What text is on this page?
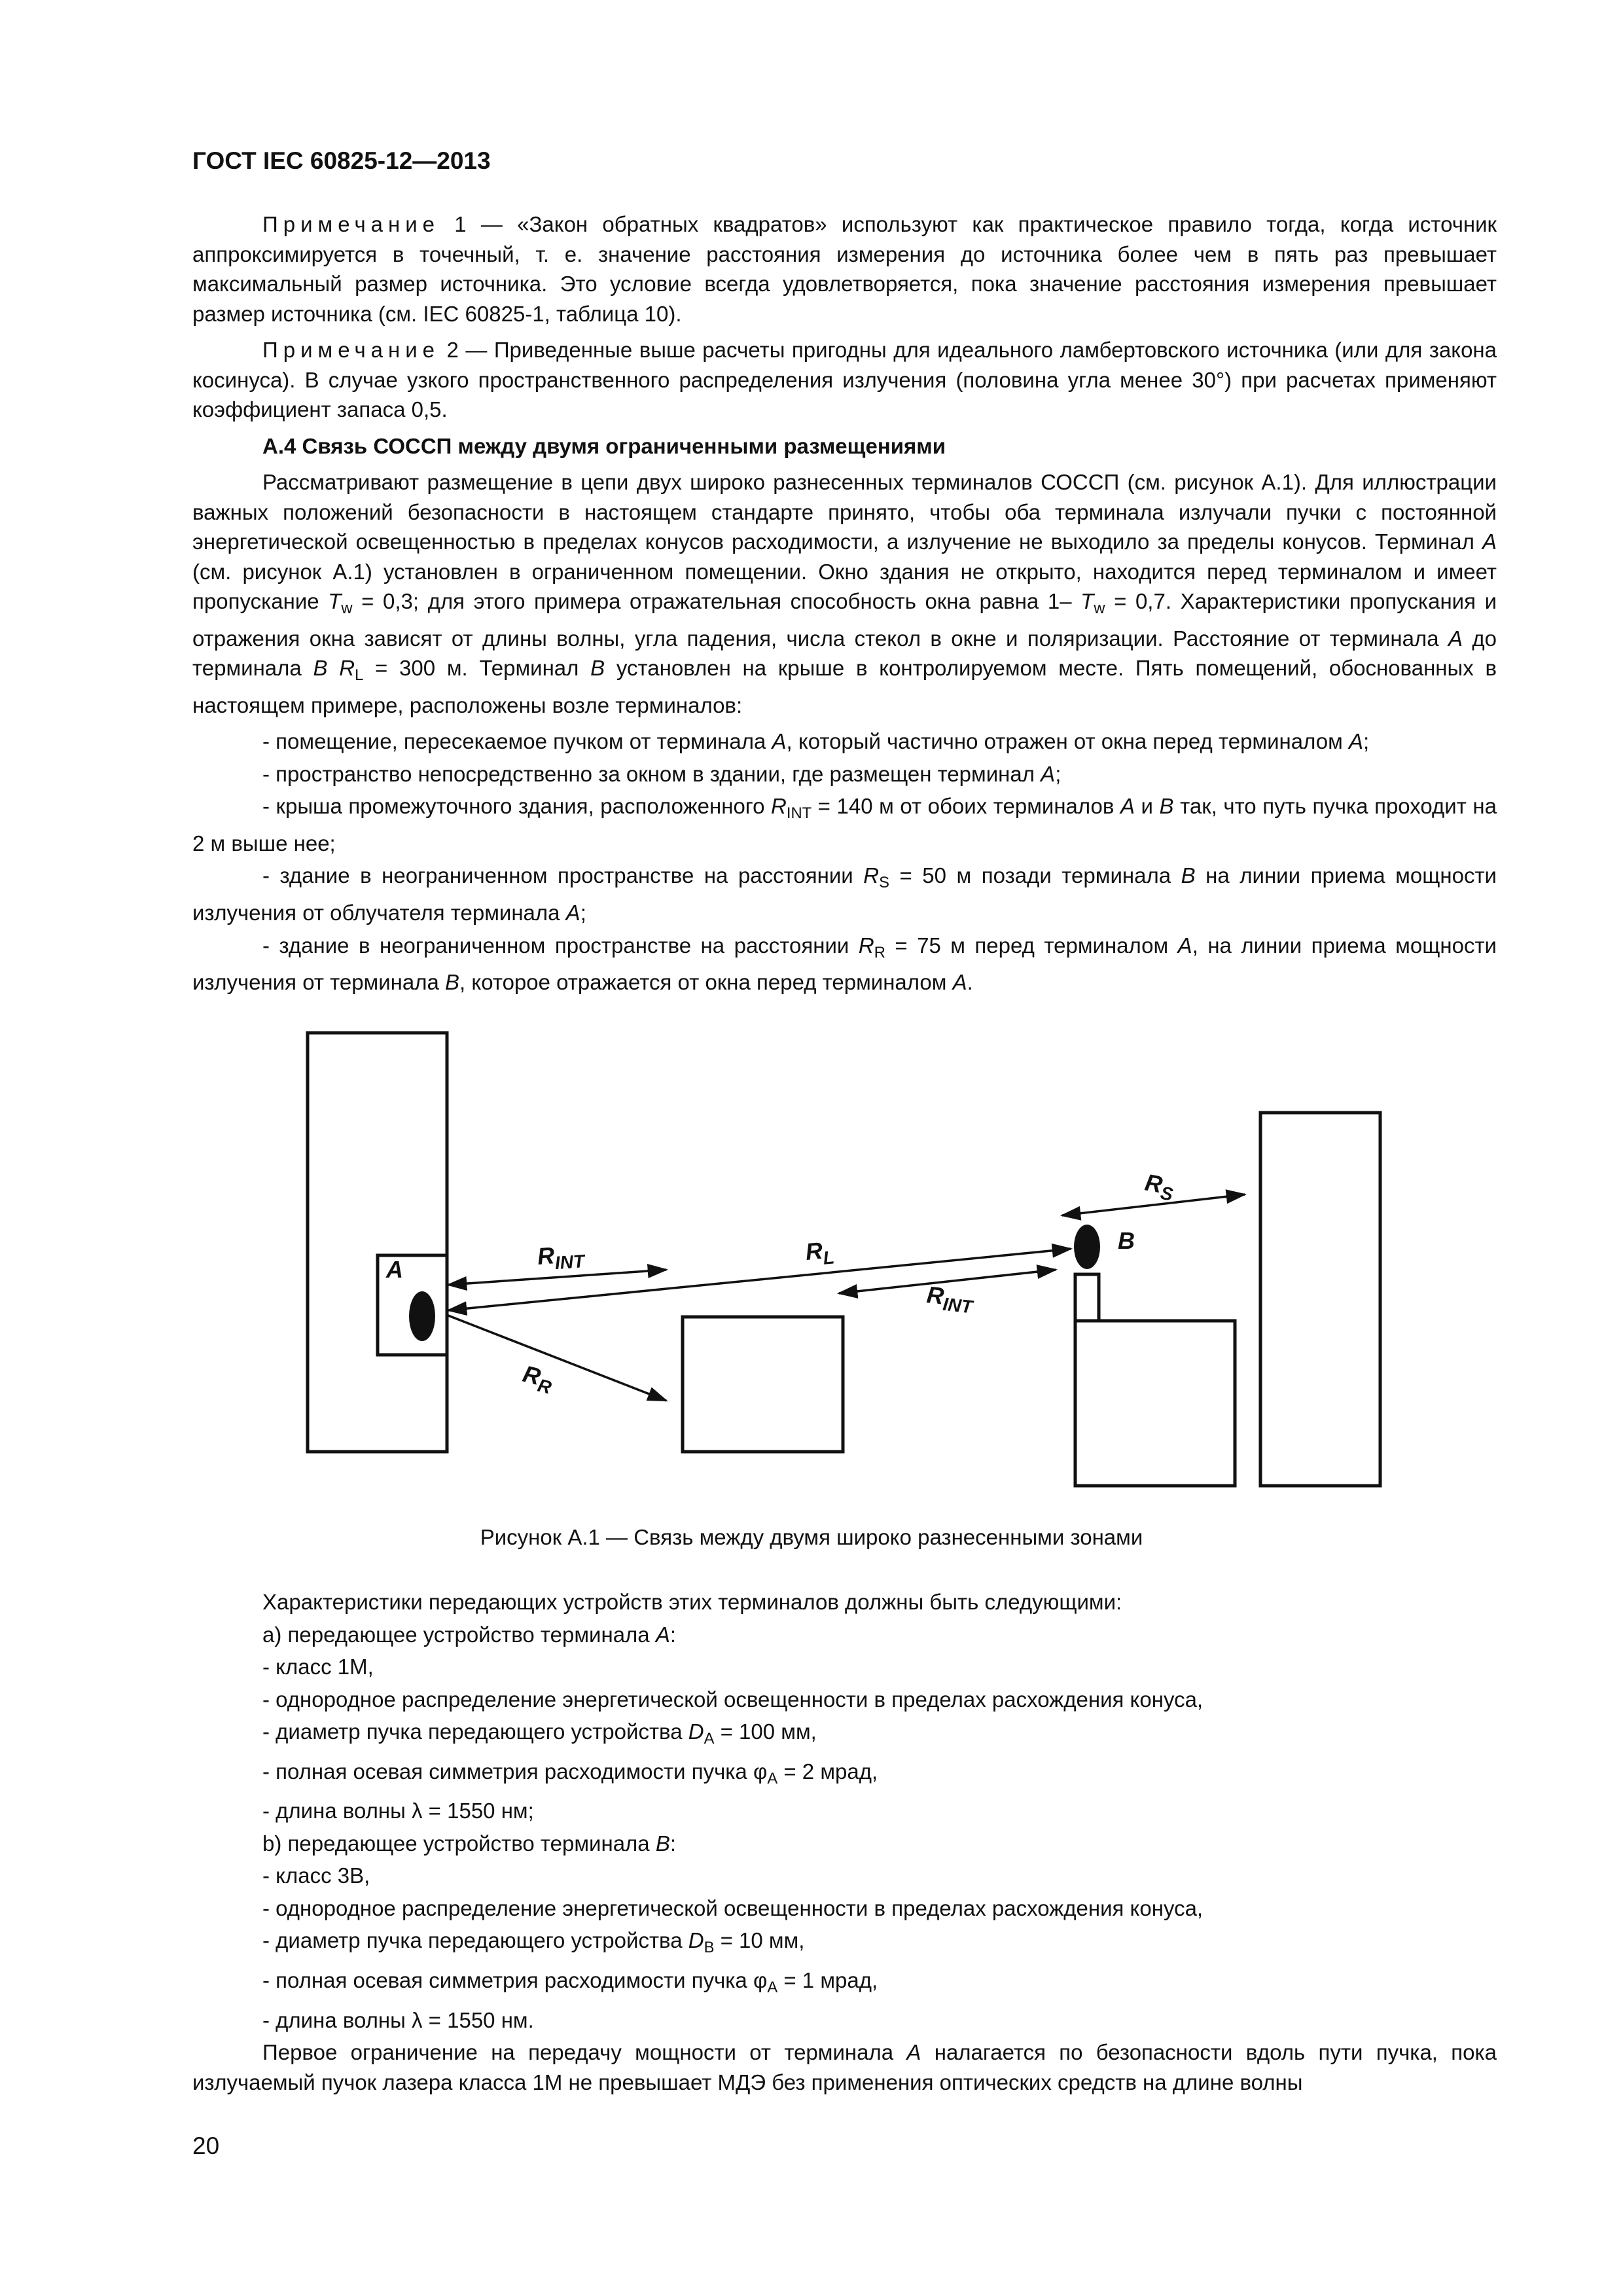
ГОСТ IEC 60825-12—2013

Примечание 1 — «Закон обратных квадратов» используют как практическое правило тогда, когда источник аппроксимируется в точечный, т. е. значение расстояния измерения до источника более чем в пять раз превышает максимальный размер источника. Это условие всегда удовлетворяется, пока значение расстояния измерения превышает размер источника (см. IEC 60825-1, таблица 10).

Примечание 2 — Приведенные выше расчеты пригодны для идеального ламбертовского источника (или для закона косинуса). В случае узкого пространственного распределения излучения (половина угла менее 30°) при расчетах применяют коэффициент запаса 0,5.

А.4 Связь СОССП между двумя ограниченными размещениями

Рассматривают размещение в цепи двух широко разнесенных терминалов СОССП (см. рисунок А.1). Для иллюстрации важных положений безопасности в настоящем стандарте принято, чтобы оба терминала излучали пучки с постоянной энергетической освещенностью в пределах конусов расходимости, а излучение не выходило за пределы конусов. Терминал A (см. рисунок А.1) установлен в ограниченном помещении. Окно здания не открыто, находится перед терминалом и имеет пропускание $T_w = 0,3$; для этого примера отражательная способность окна равна 1– $T_w = 0,7$. Характеристики пропускания и отражения окна зависят от длины волны, угла падения, числа стекол в окне и поляризации. Расстояние от терминала A до терминала B $R_L = 300$ м. Терминал B установлен на крыше в контролируемом месте. Пять помещений, обоснованных в настоящем примере, расположены возле терминалов:

- помещение, пересекаемое пучком от терминала A, который частично отражен от окна перед терминалом A;

- пространство непосредственно за окном в здании, где размещен терминал A;

- крыша промежуточного здания, расположенного $R_{INT} = 140$ м от обоих терминалов A и B так, что путь пучка проходит на 2 м выше нее;

- здание в неограниченном пространстве на расстоянии $R_S = 50$ м позади терминала B на линии приема мощности излучения от облучателя терминала A;

- здание в неограниченном пространстве на расстоянии $R_R = 75$ м перед терминалом A, на линии приема мощности излучения от терминала B, которое отражается от окна перед терминалом A.

A
B
$R_{INT}$	$R_L$
$R_{INT}$
$R_R$
$R_S$
Рисунок А.1 — Связь между двумя широко разнесенными зонами

Характеристики передающих устройств этих терминалов должны быть следующими:

a) передающее устройство терминала A:

- класс 1М,

- однородное распределение энергетической освещенности в пределах расхождения конуса,

- диаметр пучка передающего устройства $D_A = 100$ мм,

- полная осевая симметрия расходимости пучка $\varphi_A = 2$ мрад,

- длина волны λ = 1550 нм;

b) передающее устройство терминала B:

- класс 3В,

- однородное распределение энергетической освещенности в пределах расхождения конуса,

- диаметр пучка передающего устройства $D_B = 10$ мм,

- полная осевая симметрия расходимости пучка $\varphi_A = 1$ мрад,

- длина волны λ = 1550 нм.

Первое ограничение на передачу мощности от терминала A налагается по безопасности вдоль пути пучка, пока излучаемый пучок лазера класса 1М не превышает МДЭ без применения оптических средств на длине волны

20
